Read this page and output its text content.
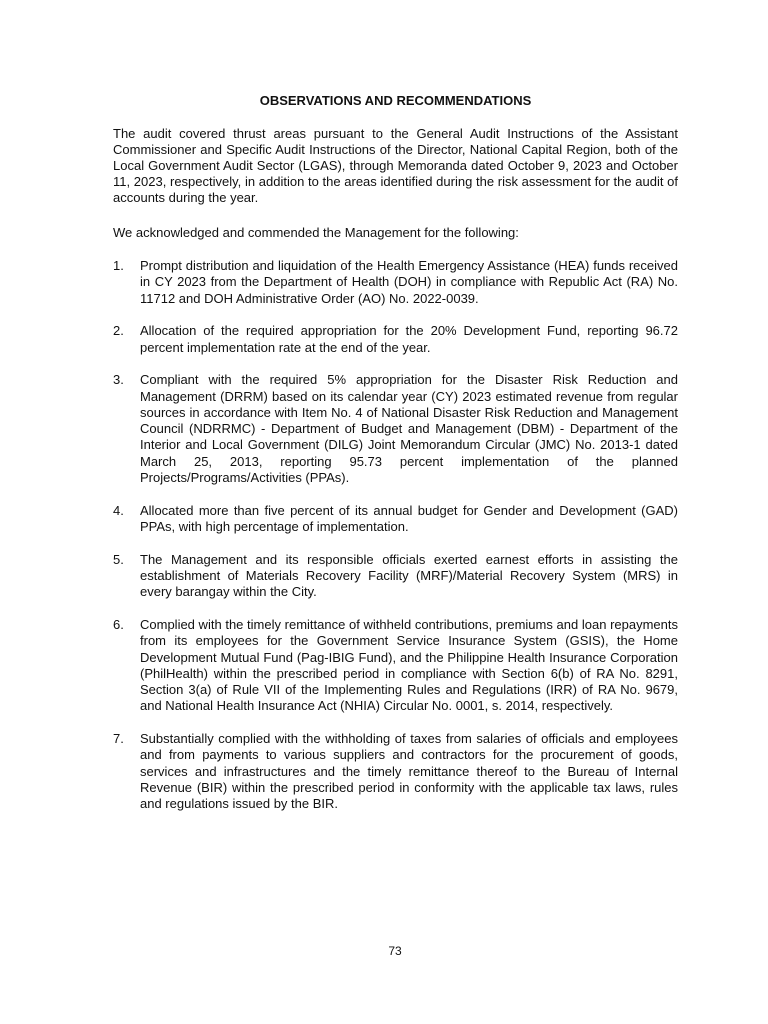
OBSERVATIONS AND RECOMMENDATIONS
The audit covered thrust areas pursuant to the General Audit Instructions of the Assistant Commissioner and Specific Audit Instructions of the Director, National Capital Region, both of the Local Government Audit Sector (LGAS), through Memoranda dated October 9, 2023 and October 11, 2023, respectively, in addition to the areas identified during the risk assessment for the audit of accounts during the year.
We acknowledged and commended the Management for the following:
1.	Prompt distribution and liquidation of the Health Emergency Assistance (HEA) funds received in CY 2023 from the Department of Health (DOH) in compliance with Republic Act (RA) No. 11712 and DOH Administrative Order (AO) No. 2022-0039.
2.	Allocation of the required appropriation for the 20% Development Fund, reporting 96.72 percent implementation rate at the end of the year.
3.	Compliant with the required 5% appropriation for the Disaster Risk Reduction and Management (DRRM) based on its calendar year (CY) 2023 estimated revenue from regular sources in accordance with Item No. 4 of National Disaster Risk Reduction and Management Council (NDRRMC) - Department of Budget and Management (DBM) - Department of the Interior and Local Government (DILG) Joint Memorandum Circular (JMC) No. 2013-1 dated March 25, 2013, reporting 95.73 percent implementation of the planned Projects/Programs/Activities (PPAs).
4.	Allocated more than five percent of its annual budget for Gender and Development (GAD) PPAs, with high percentage of implementation.
5.	The Management and its responsible officials exerted earnest efforts in assisting the establishment of Materials Recovery Facility (MRF)/Material Recovery System (MRS) in every barangay within the City.
6.	Complied with the timely remittance of withheld contributions, premiums and loan repayments from its employees for the Government Service Insurance System (GSIS), the Home Development Mutual Fund (Pag-IBIG Fund), and the Philippine Health Insurance Corporation (PhilHealth) within the prescribed period in compliance with Section 6(b) of RA No. 8291, Section 3(a) of Rule VII of the Implementing Rules and Regulations (IRR) of RA No. 9679, and National Health Insurance Act (NHIA) Circular No. 0001, s. 2014, respectively.
7.	Substantially complied with the withholding of taxes from salaries of officials and employees and from payments to various suppliers and contractors for the procurement of goods, services and infrastructures and the timely remittance thereof to the Bureau of Internal Revenue (BIR) within the prescribed period in conformity with the applicable tax laws, rules and regulations issued by the BIR.
73
